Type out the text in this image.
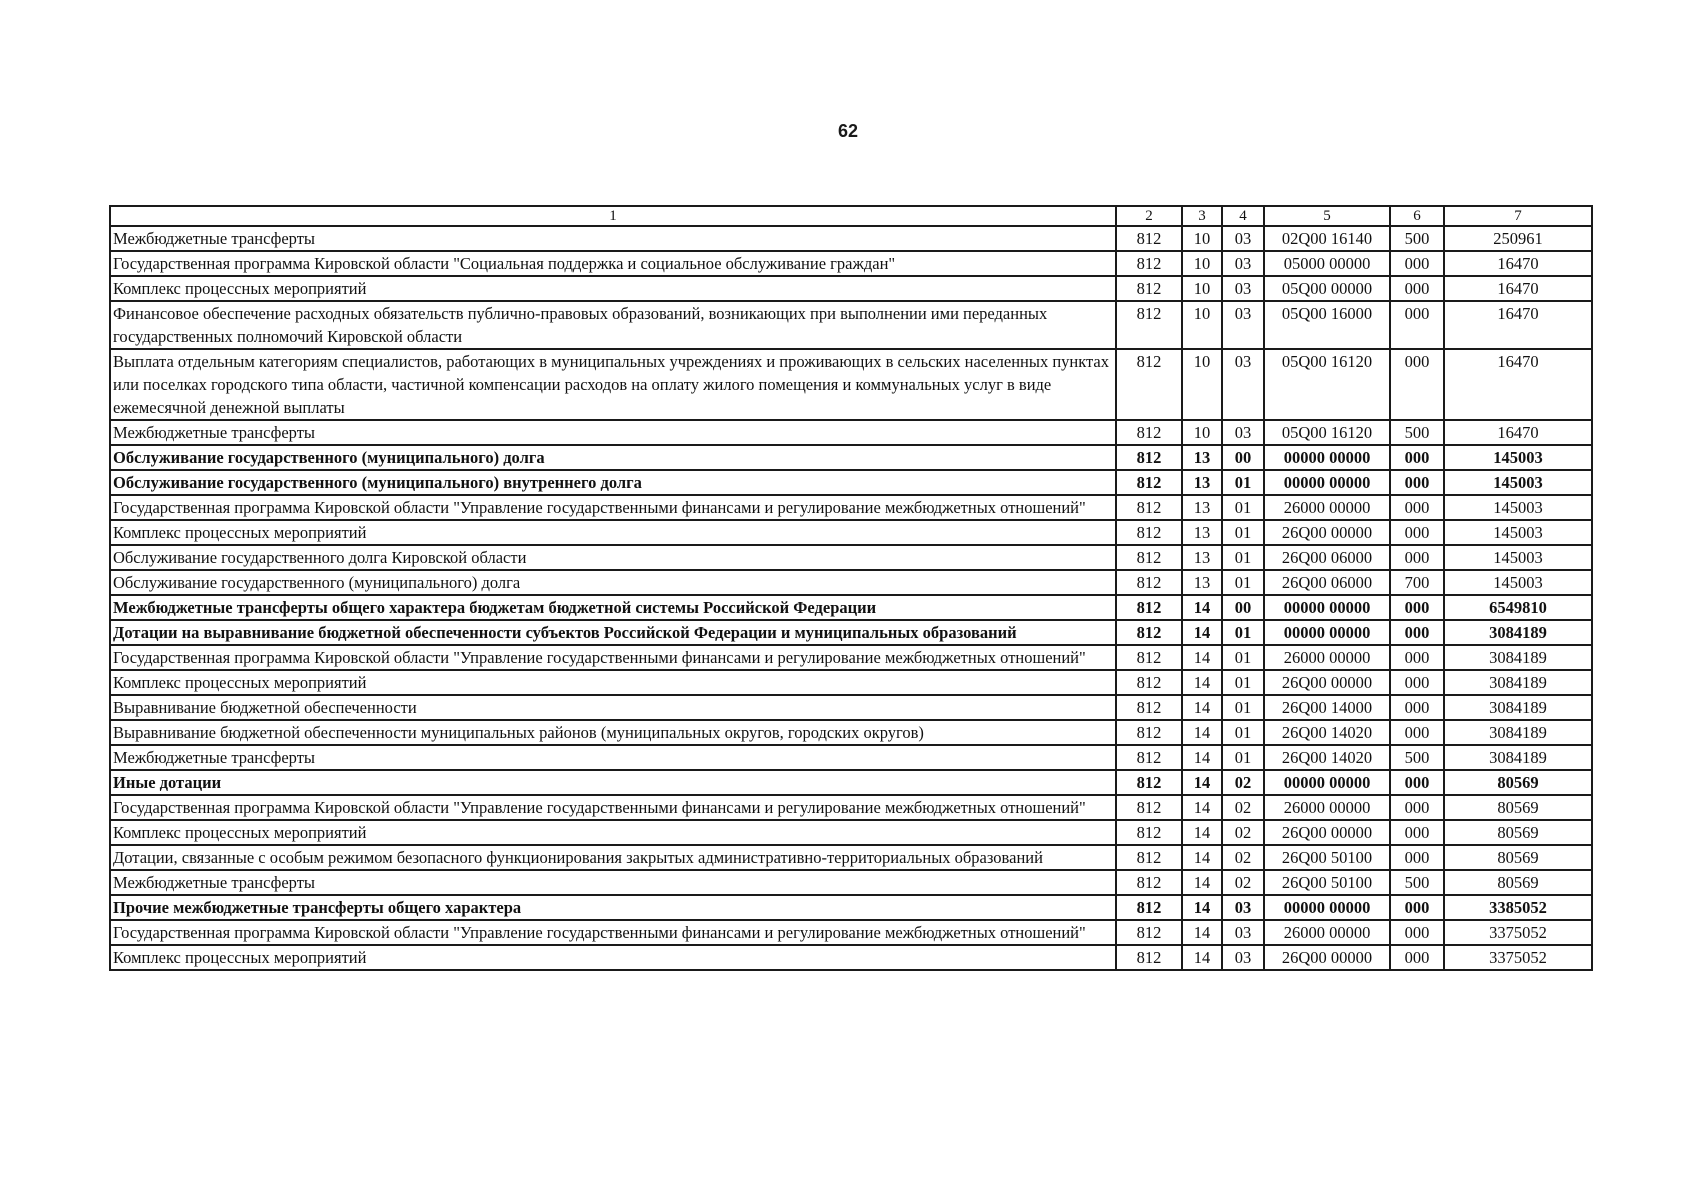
62
1	2	3	4	5	6	7
Межбюджетные трансферты	812	10	03	02Q00 16140	500	250961
Государственная программа Кировской области "Социальная поддержка и социальное обслуживание граждан"	812	10	03	05000 00000	000	16470
Комплекс процессных мероприятий	812	10	03	05Q00 00000	000	16470
Финансовое обеспечение расходных обязательств публично-правовых образований, возникающих при выполнении ими переданных государственных полномочий Кировской области	812	10	03	05Q00 16000	000	16470
Выплата отдельным категориям специалистов, работающих в муниципальных учреждениях и проживающих в сельских населенных пунктах или поселках городского типа области, частичной компенсации расходов на оплату жилого помещения и коммунальных услуг в виде ежемесячной денежной выплаты	812	10	03	05Q00 16120	000	16470
Межбюджетные трансферты	812	10	03	05Q00 16120	500	16470
Обслуживание государственного (муниципального) долга	812	13	00	00000 00000	000	145003
Обслуживание государственного (муниципального) внутреннего долга	812	13	01	00000 00000	000	145003
Государственная программа Кировской области "Управление государственными финансами и регулирование межбюджетных отношений"	812	13	01	26000 00000	000	145003
Комплекс процессных мероприятий	812	13	01	26Q00 00000	000	145003
Обслуживание государственного долга Кировской области	812	13	01	26Q00 06000	000	145003
Обслуживание государственного (муниципального) долга	812	13	01	26Q00 06000	700	145003
Межбюджетные трансферты общего характера бюджетам бюджетной системы Российской Федерации	812	14	00	00000 00000	000	6549810
Дотации на выравнивание бюджетной обеспеченности субъектов Российской Федерации и муниципальных образований	812	14	01	00000 00000	000	3084189
Государственная программа Кировской области "Управление государственными финансами и регулирование межбюджетных отношений"	812	14	01	26000 00000	000	3084189
Комплекс процессных мероприятий	812	14	01	26Q00 00000	000	3084189
Выравнивание бюджетной обеспеченности	812	14	01	26Q00 14000	000	3084189
Выравнивание бюджетной обеспеченности муниципальных районов (муниципальных округов, городских округов)	812	14	01	26Q00 14020	000	3084189
Межбюджетные трансферты	812	14	01	26Q00 14020	500	3084189
Иные дотации	812	14	02	00000 00000	000	80569
Государственная программа Кировской области "Управление государственными финансами и регулирование межбюджетных отношений"	812	14	02	26000 00000	000	80569
Комплекс процессных мероприятий	812	14	02	26Q00 00000	000	80569
Дотации, связанные с особым режимом безопасного функционирования закрытых административно-территориальных образований	812	14	02	26Q00 50100	000	80569
Межбюджетные трансферты	812	14	02	26Q00 50100	500	80569
Прочие межбюджетные трансферты общего характера	812	14	03	00000 00000	000	3385052
Государственная программа Кировской области "Управление государственными финансами и регулирование межбюджетных отношений"	812	14	03	26000 00000	000	3375052
Комплекс процессных мероприятий	812	14	03	26Q00 00000	000	3375052
